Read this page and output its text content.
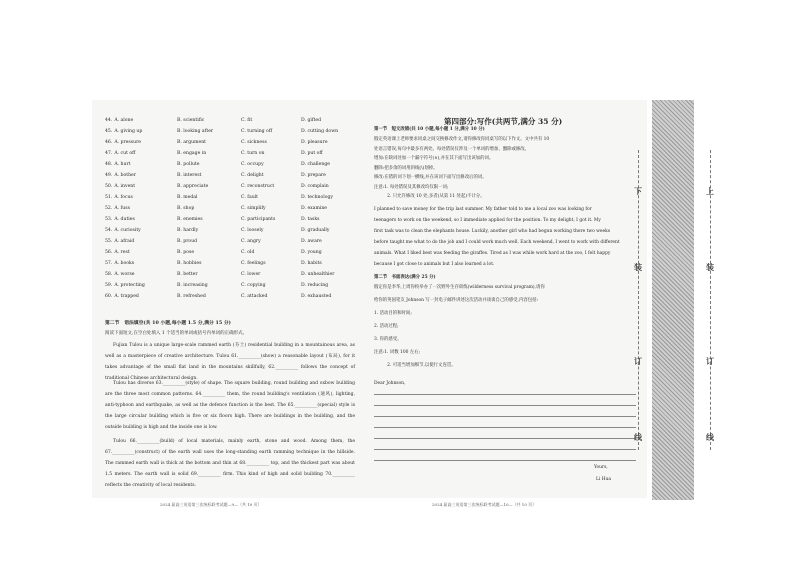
44. A. alone	B. scientific	C. fit	D. gifted
45. A. giving up	B. looking after	C. turning off	D. cutting down
46. A. pressure	B. argument	C. sickness	D. pleasure
47. A. cut off	B. engage in	C. turn on	D. put off
48. A. hurt	B. pollute	C. occupy	D. challenge
49. A. bother	B. interest	C. delight	D. prepare
50. A. invent	B. appreciate	C. reconstruct	D. complain
51. A. focus	B. medal	C. fault	D. technology
52. A. fuss	B. shop	C. simplify	D. examine
53. A. duties	B. enemies	C. participants	D. tasks
54. A. curiosity	B. hardly	C. loosely	D. gradually
55. A. afraid	B. proud	C. angry	D. aware
56. A. rest	B. pose	C. old	D. young
57. A. books	B. hobbies	C. feelings	D. habits
58. A. worse	B. better	C. lower	D. unhealthier
59. A. protecting	B. increasing	C. copying	D. reducing
60. A. trapped	B. refreshed	C. attacked	D. exhausted
第二节　语法填空(共 10 小题,每小题 1.5 分,满分 15 分)
阅读下面短文,在空白处填入 1 个适当的单词或括号内单词的正确形式。
Fujian Tulou is a unique large-scale rammed earth (夯土) residential building in a mountainous area, as well as a masterpiece of creative architecture. Tulou 61.__________(show) a reasonable layout (布局), for it takes advantage of the small flat land in the mountains skillfully, 62.__________ follows the concept of traditional Chinese architectural design.
Tulou has diverse 63.__________(style) of shape. The square building, round building and oxbow building are the three most common patterns. 64.__________ them, the round building's ventilation (通风), lighting, anti-typhoon and earthquake, as well as the defence function is the best. The 65.__________(special) style is the large circular building which is five or six floors high. There are buildings in the building, and the outside building is high and the inside one is low.
Tulou 66.__________(build) of local materials, mainly earth, stone and wood. Among them, the 67.__________(construct) of the earth wall uses the long-standing earth ramming technique in the hillside. The rammed earth wall is thick at the bottom and thin at 68.__________ top, and the thickest part was about 1.5 meters. The earth wall is solid 69.__________ firm. This kind of high and solid building 70.__________ reflects the creativity of local residents.
2024 届高三英语第三次统标联考试题—9—（共 10 页）
第四部分:写作(共两节,满分 35 分)
第一节　短文改错(共 10 小题,每小题 1 分,满分 10 分)
假定英语课上老师要求同桌之间交换修改作文,请你修改你同桌写的以下作文。文中共有 10
处语言错误,每句中最多有两处。每处错误仅涉及一个单词的增加、删除或修改。
增加:在缺词处加一个漏字符号(∧),并在其下面写出该加的词。
删除:把多余的词用斜线(\)划掉。
修改:在错的词下划一横线,并在该词下面写出修改后的词。
注意:1. 每处错误及其修改均仅限一词;
　　　2. 只允许修改 10 处,多者(从第 11 处起)不计分。
I planned to save money for the trip last summer. My father told to me a local zoo was looking for
teenagers to work on the weekend, so I immediate applied for the position. To my delight, I got it. My
first task was to clean the elephants house. Luckily, another girl who had begun working there two weeks
before taught me what to do the job and I could work much well. Each weekend, I went to work with different
animals. What I liked best was feeding the giraffes. Tired as I was while work hard at the zoo, I felt happy
because I got close to animals but I also learned a lot.
第二节　书面表达(满分 25 分)
假定你是李华,上周你校举办了一次野外生存训练(wilderness survival program),请你
给你的英国笔友 Johnson 写一封电子邮件讲述这次活动并谈谈自己的感受,内容包括:
1. 活动目的和时间;
2. 活动过程;
3. 你的感受。
注意:1. 词数 100 左右;
　　　2. 可适当增加细节,以使行文连贯。
Dear Johnson,
Yours,
Li Hua
2024 届高三英语第三次统标联考试题—10—（共 10 页）
下	上
装	装
订	订
线	线
